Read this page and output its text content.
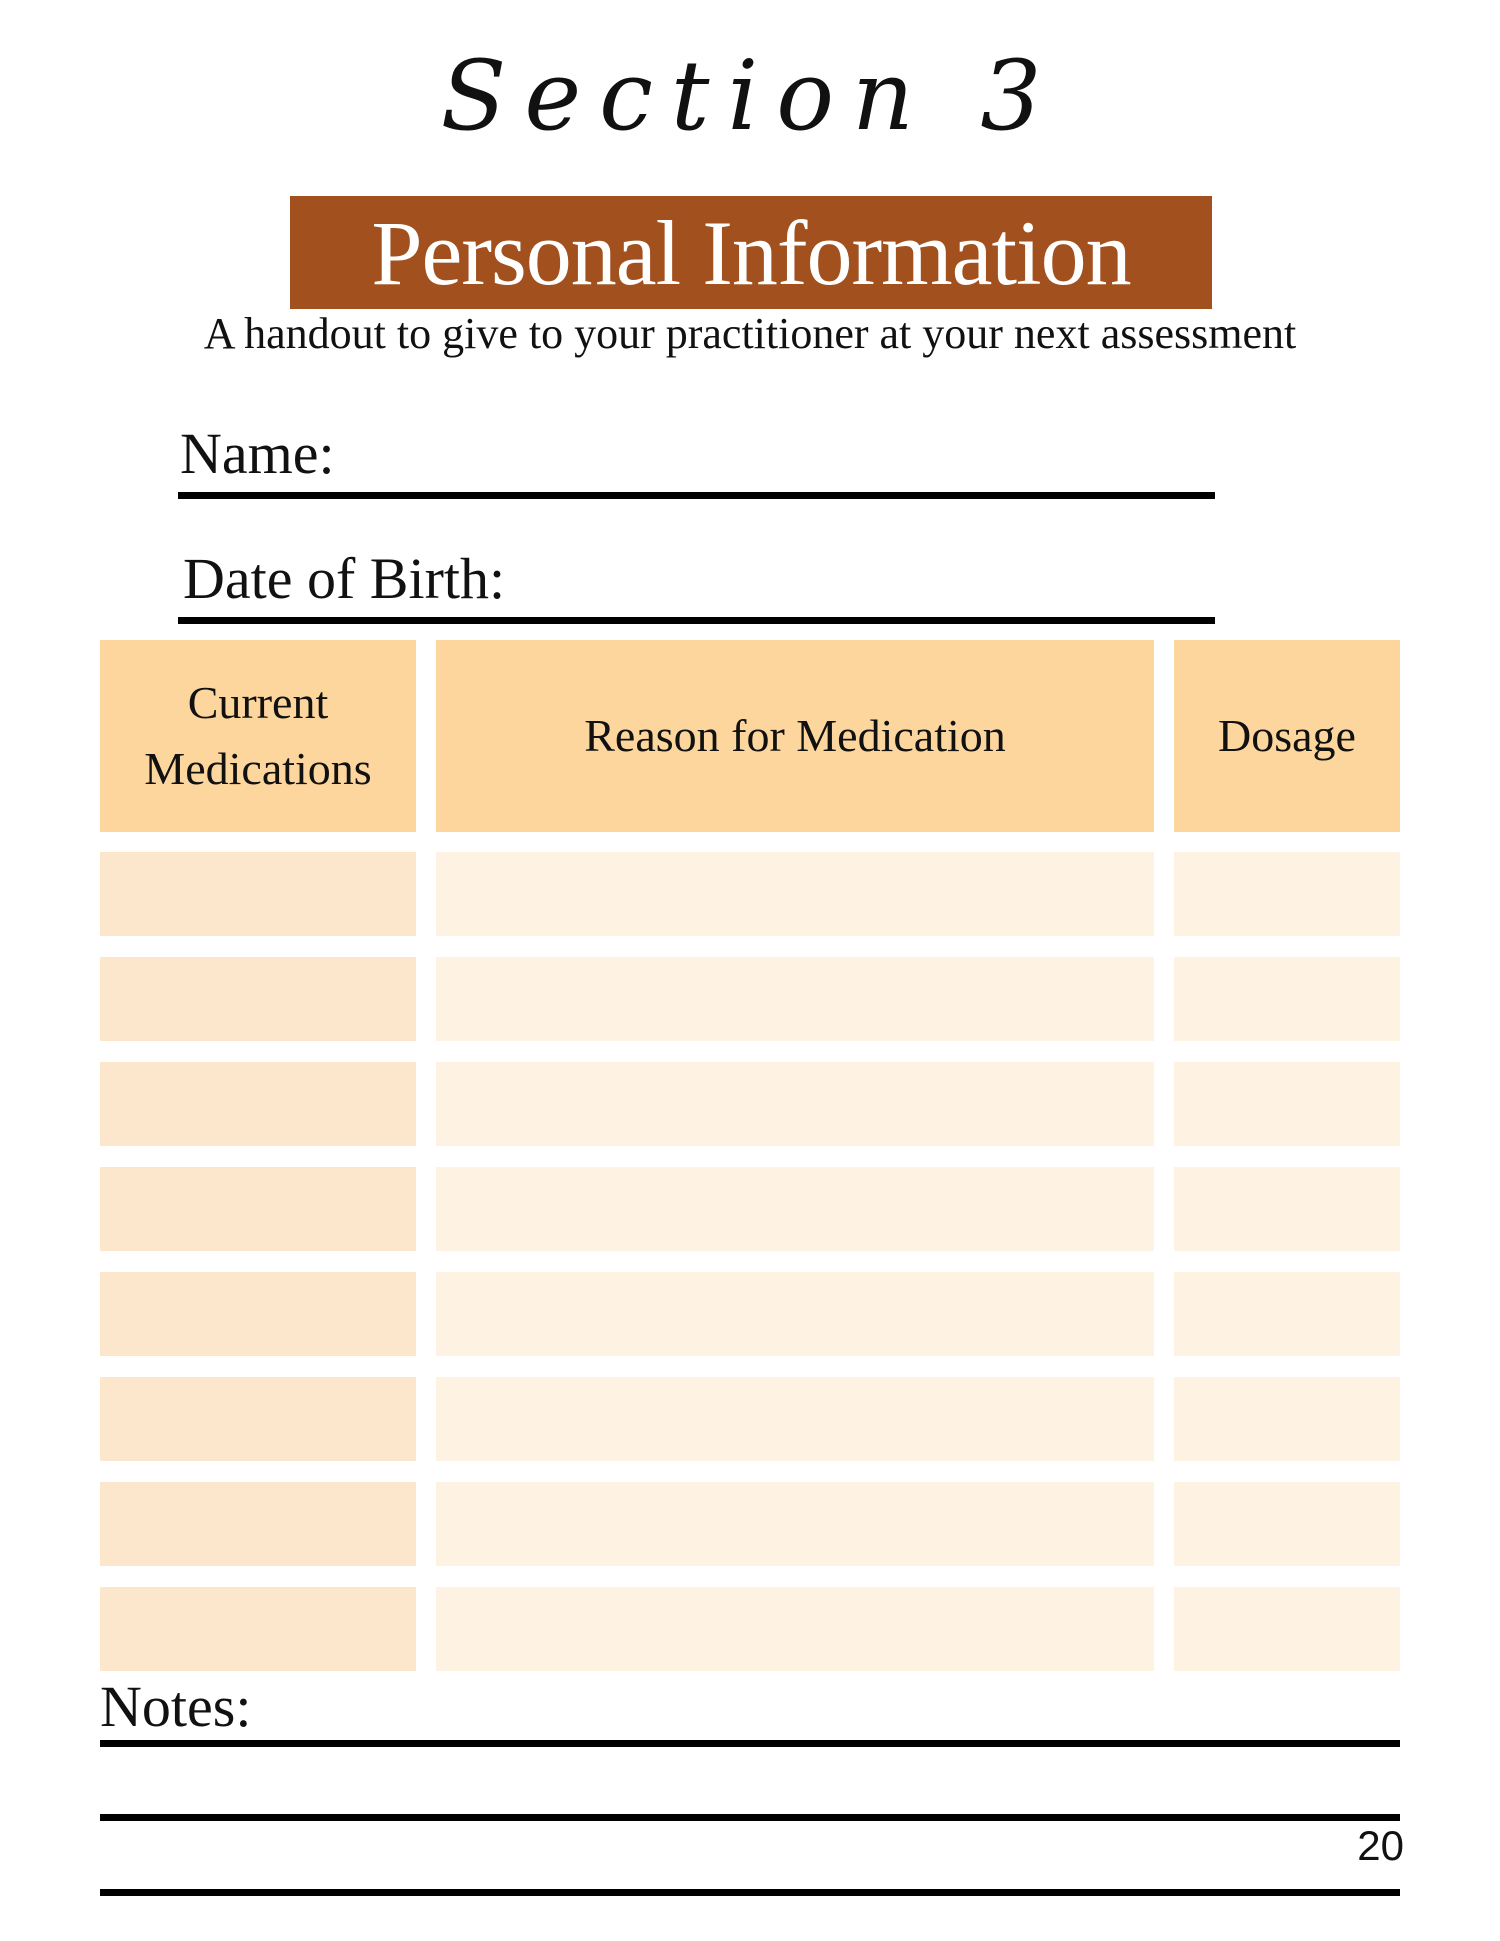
Section 3
Personal Information
A handout to give to your practitioner at your next assessment
Name:
Date of Birth:
Current Medications
Reason for Medication	Dosage
Notes:
20
